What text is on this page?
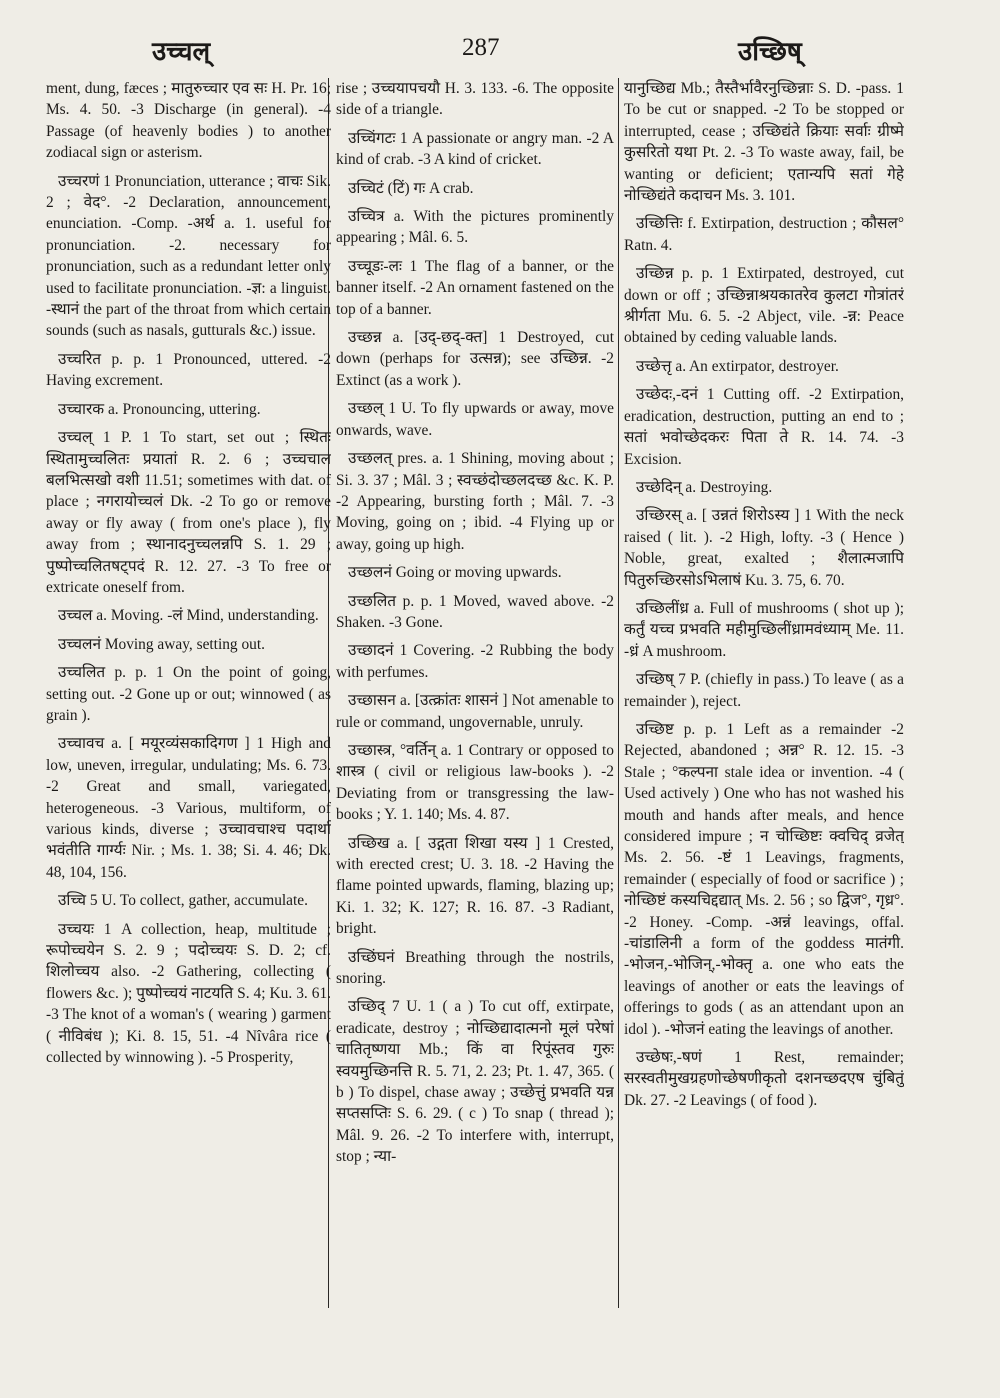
उच्चल्	287	उच्छिष्

ment, dung, fæces ; मातुरुच्चार एव सः H. Pr. 16; Ms. 4. 50. -3 Discharge (in general). -4 Passage (of heavenly bodies ) to another zodiacal sign or asterism.

उच्चरणं 1 Pronunciation, utterance ; वाचः Sik. 2 ; वेद°. -2 Declaration, announcement, enunciation. -Comp. -अर्थ a. 1. useful for pronunciation. -2. necessary for pronunciation, such as a redundant letter only used to facilitate pronunciation. -ज्ञ: a linguist. -स्थानं the part of the throat from which certain sounds (such as nasals, gutturals &c.) issue.

उच्चरित p. p. 1 Pronounced, uttered. -2 Having excrement.

उच्चारक a. Pronouncing, uttering.

उच्चल् 1 P. 1 To start, set out ; स्थितः स्थितामुच्चलितः प्रयातां R. 2. 6 ; उच्चचाल बलभित्सखो वशी 11.51; sometimes with dat. of place ; नगरायोच्चलं Dk. -2 To go or remove away or fly away ( from one's place ), fly away from ; स्थानादनुच्चलन्नपि S. 1. 29 ; पुष्पोच्चलितषट्पदं R. 12. 27. -3 To free or extricate oneself from.

उच्चल a. Moving. -लं Mind, understanding.

उच्चलनं Moving away, setting out.

उच्चलित p. p. 1 On the point of going, setting out. -2 Gone up or out; winnowed ( as grain ).

उच्चावच a. [ मयूरव्यंसकादिगण ] 1 High and low, uneven, irregular, undulating; Ms. 6. 73. -2 Great and small, variegated, heterogeneous. -3 Various, multiform, of various kinds, diverse ; उच्चावचाश्च पदार्था भवंतीति गार्ग्यः Nir. ; Ms. 1. 38; Si. 4. 46; Dk. 48, 104, 156.

उच्चि 5 U. To collect, gather, accumulate.

उच्चयः 1 A collection, heap, multitude ; रूपोच्चयेन S. 2. 9 ; पदोच्चयः S. D. 2; cf. शिलोच्चय also. -2 Gathering, collecting ( flowers &c. ); पुष्पोच्चयं नाटयति S. 4; Ku. 3. 61. -3 The knot of a woman's ( wearing ) garment ( नीविबंध ); Ki. 8. 15, 51. -4 Nîvâra rice ( collected by winnowing ). -5 Prosperity,

rise ; उच्चयापचयौ H. 3. 133. -6. The opposite side of a triangle.

उच्चिंगटः 1 A passionate or angry man. -2 A kind of crab. -3 A kind of cricket.

उच्चिटं (टिं) गः A crab.

उच्चित्र a. With the pictures prominently appearing ; Mâl. 6. 5.

उच्चूडः-लः 1 The flag of a banner, or the banner itself. -2 An ornament fastened on the top of a banner.

उच्छन्न a. [उद्-छद्-क्त] 1 Destroyed, cut down (perhaps for उत्सन्न); see उच्छिन्न. -2 Extinct (as a work ).

उच्छल् 1 U. To fly upwards or away, move onwards, wave.

उच्छलत् pres. a. 1 Shining, moving about ; Si. 3. 37 ; Mâl. 3 ; स्वच्छंदोच्छलदच्छ &c. K. P. -2 Appearing, bursting forth ; Mâl. 7. -3 Moving, going on ; ibid. -4 Flying up or away, going up high.

उच्छलनं Going or moving upwards.

उच्छलित p. p. 1 Moved, waved above. -2 Shaken. -3 Gone.

उच्छादनं 1 Covering. -2 Rubbing the body with perfumes.

उच्छासन a. [उत्क्रांतः शासनं ] Not amenable to rule or command, ungovernable, unruly.

उच्छास्त्र, °वर्तिन् a. 1 Contrary or opposed to शास्त्र ( civil or religious law-books ). -2 Deviating from or transgressing the law-books ; Y. 1. 140; Ms. 4. 87.

उच्छिख a. [ उद्गता शिखा यस्य ] 1 Crested, with erected crest; U. 3. 18. -2 Having the flame pointed upwards, flaming, blazing up; Ki. 1. 32; K. 127; R. 16. 87. -3 Radiant, bright.

उच्छिंघनं Breathing through the nostrils, snoring.

उच्छिद् 7 U. 1 ( a ) To cut off, extirpate, eradicate, destroy ; नोच्छिद्यादात्मनो मूलं परेषां चातितृष्णया Mb.; किं वा रिपूंस्तव गुरुः स्वयमुच्छिनत्ति R. 5. 71, 2. 23; Pt. 1. 47, 365. ( b ) To dispel, chase away ; उच्छेत्तुं प्रभवति यन्न सप्तसप्तिः S. 6. 29. ( c ) To snap ( thread ); Mâl. 9. 26. -2 To interfere with, interrupt, stop ; न्या-

यानुच्छिद्य Mb.; तैस्तैर्भावैरनुच्छिन्नाः S. D. -pass. 1 To be cut or snapped. -2 To be stopped or interrupted, cease ; उच्छिद्यंते क्रियाः सर्वाः ग्रीष्मे कुसरितो यथा Pt. 2. -3 To waste away, fail, be wanting or deficient; एतान्यपि सतां गेहे नोच्छिद्यंते कदाचन Ms. 3. 101.

उच्छित्तिः f. Extirpation, destruction ; कौसल° Ratn. 4.

उच्छिन्न p. p. 1 Extirpated, destroyed, cut down or off ; उच्छिन्नाश्रयकातरेव कुलटा गोत्रांतरं श्रीर्गता Mu. 6. 5. -2 Abject, vile. -न्न: Peace obtained by ceding valuable lands.

उच्छेत्तृ a. An extirpator, destroyer.

उच्छेदः,-दनं 1 Cutting off. -2 Extirpation, eradication, destruction, putting an end to ; सतां भवोच्छेदकरः पिता ते R. 14. 74. -3 Excision.

उच्छेदिन् a. Destroying.

उच्छिरस् a. [ उन्नतं शिरोऽस्य ] 1 With the neck raised ( lit. ). -2 High, lofty. -3 ( Hence ) Noble, great, exalted ; शैलात्मजापि पितुरुच्छिरसोऽभिलाषं Ku. 3. 75, 6. 70.

उच्छिलींध्र a. Full of mushrooms ( shot up ); कर्तुं यच्च प्रभवति महीमुच्छिलींध्रामवंध्याम् Me. 11. -ध्रं A mushroom.

उच्छिष् 7 P. (chiefly in pass.) To leave ( as a remainder ), reject.

उच्छिष्ट p. p. 1 Left as a remainder -2 Rejected, abandoned ; अन्न° R. 12. 15. -3 Stale ; °कल्पना stale idea or invention. -4 ( Used actively ) One who has not washed his mouth and hands after meals, and hence considered impure ; न चोच्छिष्टः क्वचिद् व्रजेत् Ms. 2. 56. -ष्टं 1 Leavings, fragments, remainder ( especially of food or sacrifice ) ; नोच्छिष्टं कस्यचिद्दद्यात् Ms. 2. 56 ; so द्विज°, गृध्र°. -2 Honey. -Comp. -अन्नं leavings, offal. -चांडालिनी a form of the goddess मातंगी. -भोजन,-भोजिन्,-भोक्तृ a. one who eats the leavings of another or eats the leavings of offerings to gods ( as an attendant upon an idol ). -भोजनं eating the leavings of another.

उच्छेषः,-षणं 1 Rest, remainder; सरस्वतीमुखग्रहणोच्छेषणीकृतो दशनच्छदएष चुंबितुं Dk. 27. -2 Leavings ( of food ).
